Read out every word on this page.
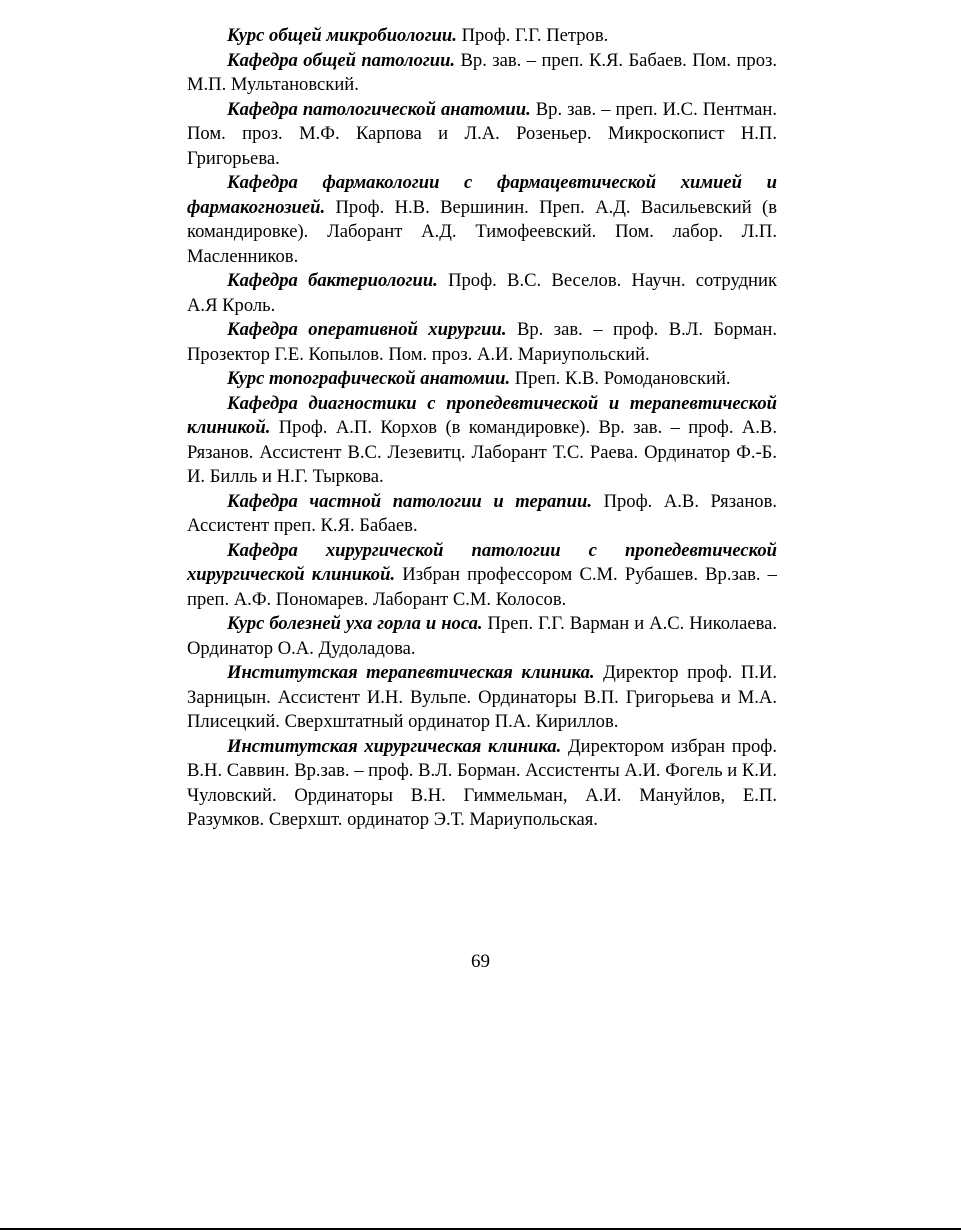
Курс общей микробиологии. Проф. Г.Г. Петров.

Кафедра общей патологии. Вр. зав. – преп. К.Я. Бабаев. Пом. проз. М.П. Мультановский.

Кафедра патологической анатомии. Вр. зав. – преп. И.С. Пентман. Пом. проз. М.Ф. Карпова и Л.А. Розеньер. Микроскопист Н.П. Григорьева.

Кафедра фармакологии с фармацевтической химией и фармакогнозией. Проф. Н.В. Вершинин. Преп. А.Д. Васильевский (в командировке). Лаборант А.Д. Тимофеевский. Пом. лабор. Л.П. Масленников.

Кафедра бактериологии. Проф. В.С. Веселов. Научн. сотрудник А.Я Кроль.

Кафедра оперативной хирургии. Вр. зав. – проф. В.Л. Борман. Прозектор Г.Е. Копылов. Пом. проз. А.И. Мариупольский.

Курс топографической анатомии. Преп. К.В. Ромодановский.

Кафедра диагностики с пропедевтической и терапевтической клиникой. Проф. А.П. Корхов (в командировке). Вр. зав. – проф. А.В. Рязанов. Ассистент В.С. Лезевитц. Лаборант Т.С. Раева. Ординатор Ф.-Б. И. Билль и Н.Г. Тыркова.

Кафедра частной патологии и терапии. Проф. А.В. Рязанов. Ассистент преп. К.Я. Бабаев.

Кафедра хирургической патологии с пропедевтической хирургической клиникой. Избран профессором С.М. Рубашев. Вр.зав. – преп. А.Ф. Пономарев. Лаборант С.М. Колосов.

Курс болезней уха горла и носа. Преп. Г.Г. Варман и А.С. Николаева. Ординатор О.А. Дудоладова.

Институтская терапевтическая клиника. Директор проф. П.И. Зарницын. Ассистент И.Н. Вульпе. Ординаторы В.П. Григорьева и М.А. Плисецкий. Сверхштатный ординатор П.А. Кириллов.

Институтская хирургическая клиника. Директором избран проф. В.Н. Саввин. Вр.зав. – проф. В.Л. Борман. Ассистенты А.И. Фогель и К.И. Чуловский. Ординаторы В.Н. Гиммельман, А.И. Мануйлов, Е.П. Разумков. Сверхшт. ординатор Э.Т. Мариупольская.

69
